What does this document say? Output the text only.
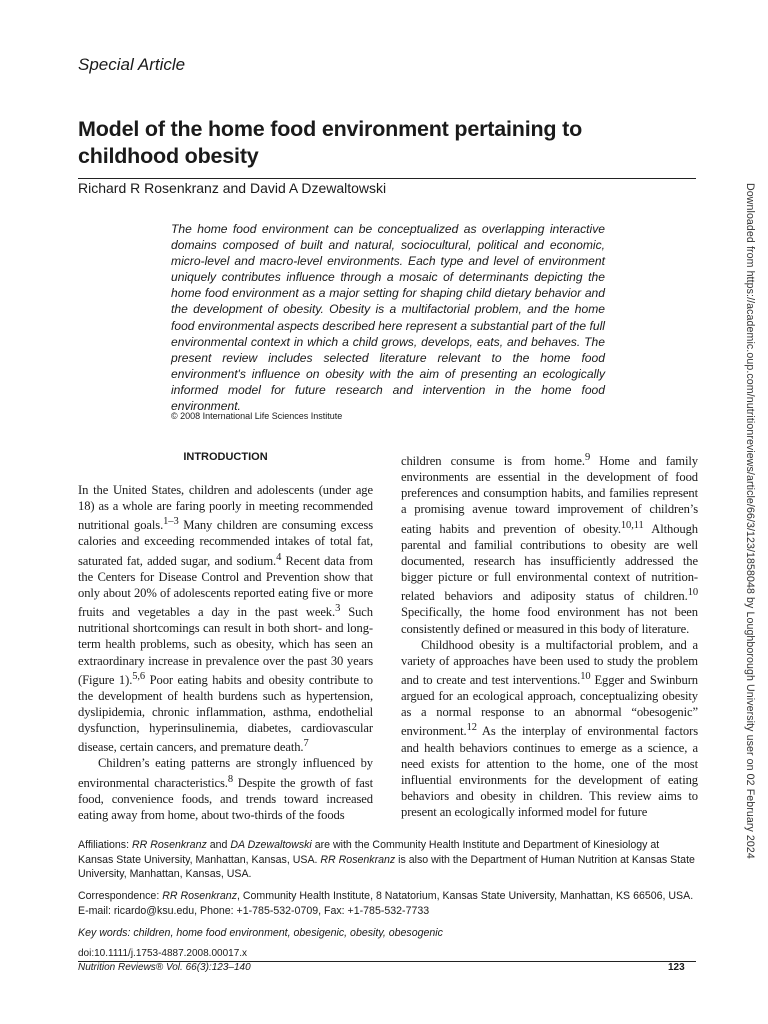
Special Article
Model of the home food environment pertaining to childhood obesity
Richard R Rosenkranz and David A Dzewaltowski
The home food environment can be conceptualized as overlapping interactive domains composed of built and natural, sociocultural, political and economic, micro-level and macro-level environments. Each type and level of environment uniquely contributes influence through a mosaic of determinants depicting the home food environment as a major setting for shaping child dietary behavior and the development of obesity. Obesity is a multifactorial problem, and the home food environmental aspects described here represent a substantial part of the full environmental context in which a child grows, develops, eats, and behaves. The present review includes selected literature relevant to the home food environment's influence on obesity with the aim of presenting an ecologically informed model for future research and intervention in the home food environment.
© 2008 International Life Sciences Institute
INTRODUCTION

In the United States, children and adolescents (under age 18) as a whole are faring poorly in meeting recommended nutritional goals.$^{1-3}$ Many children are consuming excess calories and exceeding recommended intakes of total fat, saturated fat, added sugar, and sodium.$^4$ Recent data from the Centers for Disease Control and Prevention show that only about 20% of adolescents reported eating five or more fruits and vegetables a day in the past week.$^3$ Such nutritional shortcomings can result in both short- and long-term health problems, such as obesity, which has seen an extraordinary increase in prevalence over the past 30 years (Figure 1).$^{5,6}$ Poor eating habits and obesity contribute to the development of health burdens such as hypertension, dyslipidemia, chronic inflammation, asthma, endothelial dysfunction, hyperinsulinemia, diabetes, cardiovascular disease, certain cancers, and premature death.$^7$

Children’s eating patterns are strongly influenced by environmental characteristics.$^8$ Despite the growth of fast food, convenience foods, and trends toward increased eating away from home, about two-thirds of the foods

children consume is from home.$^9$ Home and family environments are essential in the development of food preferences and consumption habits, and families represent a promising avenue toward improvement of children’s eating habits and prevention of obesity.$^{10,11}$ Although parental and familial contributions to obesity are well documented, research has insufficiently addressed the bigger picture or full environmental context of nutrition-related behaviors and adiposity status of children.$^{10}$ Specifically, the home food environment has not been consistently defined or measured in this body of literature.

Childhood obesity is a multifactorial problem, and a variety of approaches have been used to study the problem and to create and test interventions.$^{10}$ Egger and Swinburn argued for an ecological approach, conceptualizing obesity as a normal response to an abnormal “obesogenic” environment.$^{12}$ As the interplay of environmental factors and health behaviors continues to emerge as a science, a need exists for attention to the home, one of the most influential environments for the development of eating behaviors and obesity in children. This review aims to present an ecologically informed model for future

Affiliations: RR Rosenkranz and DA Dzewaltowski are with the Community Health Institute and Department of Kinesiology at Kansas State University, Manhattan, Kansas, USA. RR Rosenkranz is also with the Department of Human Nutrition at Kansas State University, Manhattan, Kansas, USA.

Correspondence: RR Rosenkranz, Community Health Institute, 8 Natatorium, Kansas State University, Manhattan, KS 66506, USA. E-mail: ricardo@ksu.edu, Phone: +1-785-532-0709, Fax: +1-785-532-7733

Key words: children, home food environment, obesigenic, obesity, obesogenic

doi:10.1111/j.1753-4887.2008.00017.x
Nutrition Reviews® Vol. 66(3):123–140	123
Downloaded from https://academic.oup.com/nutritionreviews/article/66/3/123/1858048 by Loughborough University user on 02 February 2024
